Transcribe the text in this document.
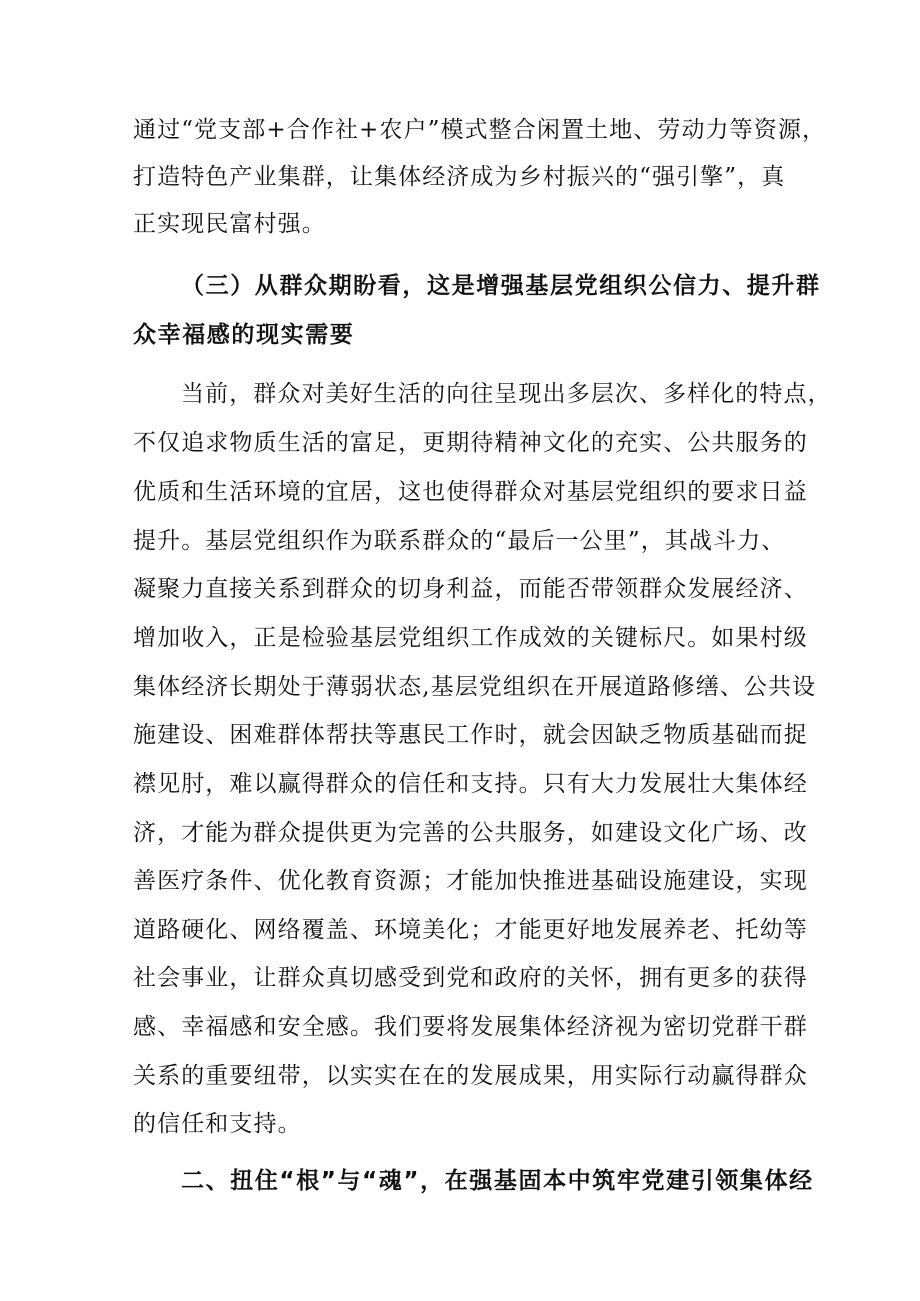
通过“党支部+合作社+农户”模式整合闲置土地、劳动力等资源，
打造特色产业集群，让集体经济成为乡村振兴的“强引擎”，真
正实现民富村强。
（三）从群众期盼看，这是增强基层党组织公信力、提升群
众幸福感的现实需要
当前，群众对美好生活的向往呈现出多层次、多样化的特点，
不仅追求物质生活的富足，更期待精神文化的充实、公共服务的
优质和生活环境的宜居，这也使得群众对基层党组织的要求日益
提升。基层党组织作为联系群众的“最后一公里”，其战斗力、
凝聚力直接关系到群众的切身利益，而能否带领群众发展经济、
增加收入，正是检验基层党组织工作成效的关键标尺。如果村级
集体经济长期处于薄弱状态,基层党组织在开展道路修缮、公共设
施建设、困难群体帮扶等惠民工作时，就会因缺乏物质基础而捉
襟见肘，难以赢得群众的信任和支持。只有大力发展壮大集体经
济，才能为群众提供更为完善的公共服务，如建设文化广场、改
善医疗条件、优化教育资源；才能加快推进基础设施建设，实现
道路硬化、网络覆盖、环境美化；才能更好地发展养老、托幼等
社会事业，让群众真切感受到党和政府的关怀，拥有更多的获得
感、幸福感和安全感。我们要将发展集体经济视为密切党群干群
关系的重要纽带，以实实在在的发展成果，用实际行动赢得群众
的信任和支持。
二、扭住“根”与“魂”，在强基固本中筑牢党建引领集体经
